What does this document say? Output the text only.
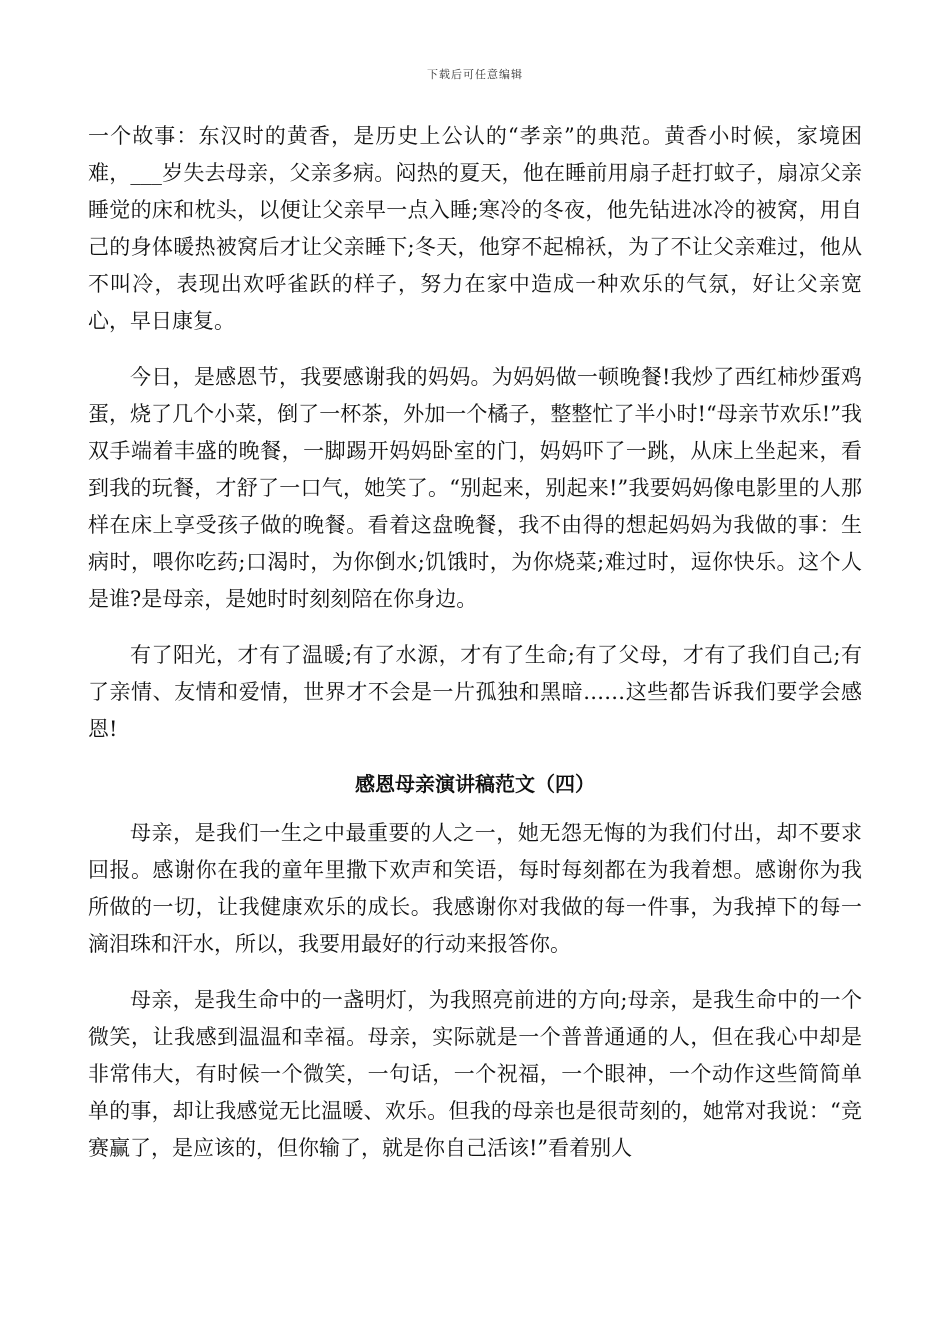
下载后可任意编辑

一个故事：东汉时的黄香，是历史上公认的“孝亲”的典范。黄香小时候，家境困难，___岁失去母亲，父亲多病。闷热的夏天，他在睡前用扇子赶打蚊子，扇凉父亲睡觉的床和枕头，以便让父亲早一点入睡;寒冷的冬夜，他先钻进冰冷的被窝，用自己的身体暖热被窝后才让父亲睡下;冬天，他穿不起棉袄，为了不让父亲难过，他从不叫冷，表现出欢呼雀跃的样子，努力在家中造成一种欢乐的气氛，好让父亲宽心，早日康复。

今日，是感恩节，我要感谢我的妈妈。为妈妈做一顿晚餐!我炒了西红柿炒蛋鸡蛋，烧了几个小菜，倒了一杯茶，外加一个橘子，整整忙了半小时!“母亲节欢乐!”我双手端着丰盛的晚餐，一脚踢开妈妈卧室的门，妈妈吓了一跳，从床上坐起来，看到我的玩餐，才舒了一口气，她笑了。“别起来，别起来!”我要妈妈像电影里的人那样在床上享受孩子做的晚餐。看着这盘晚餐，我不由得的想起妈妈为我做的事：生病时，喂你吃药;口渴时，为你倒水;饥饿时，为你烧菜;难过时，逗你快乐。这个人是谁?是母亲，是她时时刻刻陪在你身边。

有了阳光，才有了温暖;有了水源，才有了生命;有了父母，才有了我们自己;有了亲情、友情和爱情，世界才不会是一片孤独和黑暗……这些都告诉我们要学会感恩!

感恩母亲演讲稿范文（四）

母亲，是我们一生之中最重要的人之一，她无怨无悔的为我们付出，却不要求回报。感谢你在我的童年里撒下欢声和笑语，每时每刻都在为我着想。感谢你为我所做的一切，让我健康欢乐的成长。我感谢你对我做的每一件事，为我掉下的每一滴泪珠和汗水，所以，我要用最好的行动来报答你。

母亲，是我生命中的一盏明灯，为我照亮前进的方向;母亲，是我生命中的一个微笑，让我感到温温和幸福。母亲，实际就是一个普普通通的人，但在我心中却是非常伟大，有时候一个微笑，一句话，一个祝福，一个眼神，一个动作这些简简单单的事，却让我感觉无比温暖、欢乐。但我的母亲也是很苛刻的，她常对我说：“竞赛赢了，是应该的，但你输了，就是你自己活该!”看着别人
